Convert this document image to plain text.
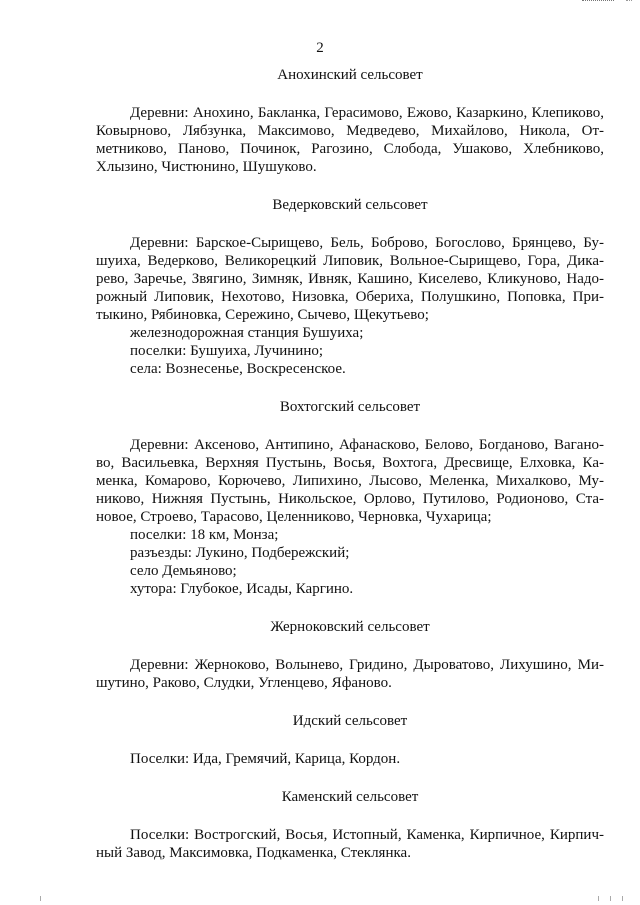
2
Анохинский сельсовет

Деревни: Анохино, Бакланка, Герасимово, Ежово, Казаркино, Клепиково, Ковырново, Лябзунка, Максимово, Медведево, Михайлово, Никола, Отметниково, Паново, Починок, Рагозино, Слобода, Ушаково, Хлебниково, Хлызино, Чистюнино, Шушуково.

Ведерковский сельсовет

Деревни: Барское-Сырищево, Бель, Боброво, Богослово, Брянцево, Бушуиха, Ведерково, Великорецкий Липовик, Вольное-Сырищево, Гора, Дикарево, Заречье, Звягино, Зимняк, Ивняк, Кашино, Киселево, Кликуново, Надорожный Липовик, Нехотово, Низовка, Обериха, Полушкино, Поповка, Притыкино, Рябиновка, Сережино, Сычево, Щекутьево;

железнодорожная станция Бушуиха;

поселки: Бушуиха, Лучинино;

села: Вознесенье, Воскресенское.

Вохтогский сельсовет

Деревни: Аксеново, Антипино, Афанасково, Белово, Богданово, Ваганово, Васильевка, Верхняя Пустынь, Восья, Вохтога, Дресвище, Елховка, Каменка, Комарово, Корючево, Липихино, Лысово, Меленка, Михалково, Муниково, Нижняя Пустынь, Никольское, Орлово, Путилово, Родионово, Становое, Строево, Тарасово, Целенниково, Черновка, Чухарица;

поселки: 18 км, Монза;

разъезды: Лукино, Подбережский;

село Демьяново;

хутора: Глубокое, Исады, Каргино.

Жерноковский сельсовет

Деревни: Жерноково, Волынево, Гридино, Дыроватово, Лихушино, Мишутино, Раково, Слудки, Угленцево, Яфаново.

Идский сельсовет

Поселки: Ида, Гремячий, Карица, Кордон.

Каменский сельсовет

Поселки: Вострогский, Восья, Истопный, Каменка, Кирпичное, Кирпичный Завод, Максимовка, Подкаменка, Стеклянка.
